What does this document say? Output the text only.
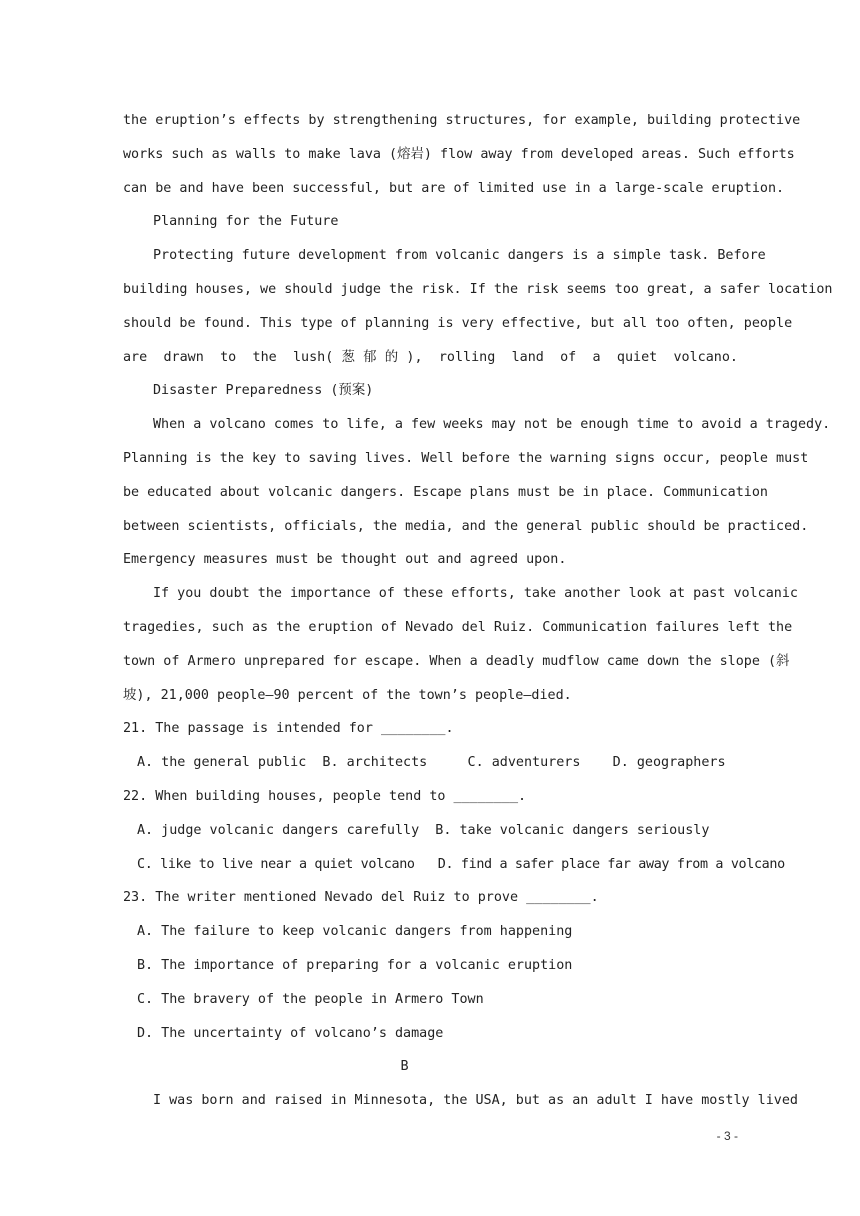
the eruption’s effects by strengthening structures, for example, building protective
works such as walls to make lava (熔岩) flow away from developed areas. Such efforts
can be and have been successful, but are of limited use in a large-scale eruption.
Planning for the Future
Protecting future development from volcanic dangers is a simple task. Before
building houses, we should judge the risk. If the risk seems too great, a safer location
should be found. This type of planning is very effective, but all too often, people
are drawn to the lush(葱郁的), rolling land of a quiet volcano.
Disaster Preparedness (预案)
When a volcano comes to life, a few weeks may not be enough time to avoid a tragedy.
Planning is the key to saving lives. Well before the warning signs occur, people must
be educated about volcanic dangers. Escape plans must be in place. Communication
between scientists, officials, the media, and the general public should be practiced.
Emergency measures must be thought out and agreed upon.
If you doubt the importance of these efforts, take another look at past volcanic
tragedies, such as the eruption of Nevado del Ruiz. Communication failures left the
town of Armero unprepared for escape. When a deadly mudflow came down the slope (斜
坡), 21,000 people—90 percent of the town’s people—died.
21. The passage is intended for ________.
A. the general public  B. architects     C. adventurers    D. geographers
22. When building houses, people tend to ________.
A. judge volcanic dangers carefully  B. take volcanic dangers seriously
C. like to live near a quiet volcano   D. find a safer place far away from a volcano
23. The writer mentioned Nevado del Ruiz to prove ________.
A. The failure to keep volcanic dangers from happening
B. The importance of preparing for a volcanic eruption
C. The bravery of the people in Armero Town
D. The uncertainty of volcano’s damage
B
I was born and raised in Minnesota, the USA, but as an adult I have mostly lived
- 3 -
